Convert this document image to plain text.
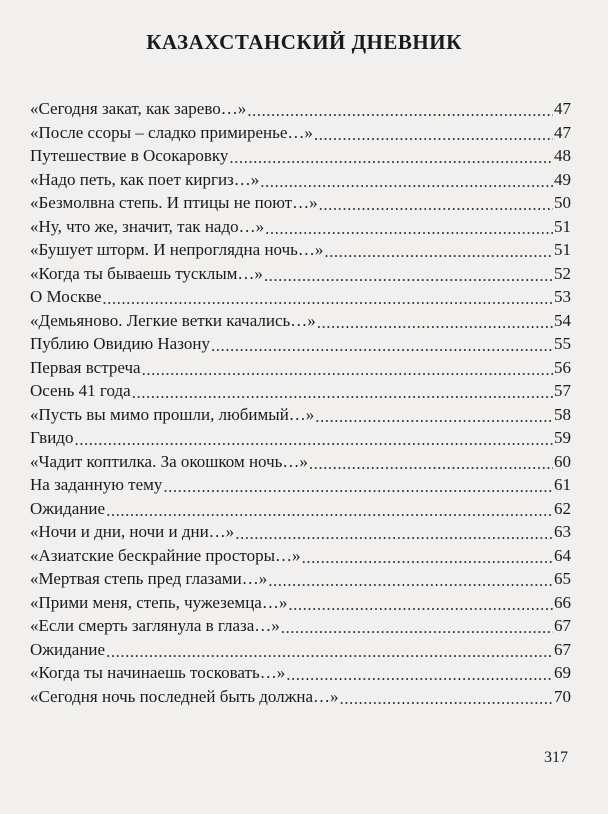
КАЗАХСТАНСКИЙ ДНЕВНИК
«Сегодня закат, как зарево…» .....	47
«После ссоры – сладко примиренье…» .....	47
Путешествие в Осокаровку .....	48
«Надо петь, как поет киргиз…» .....	49
«Безмолвна степь. И птицы не поют…» .....	50
«Ну, что же, значит, так надо…» .....	51
«Бушует шторм. И непроглядна ночь…» .....	51
«Когда ты бываешь тусклым…» .....	52
О Москве .....	53
«Демьяново. Легкие ветки качались…» .....	54
Публию Овидию Назону .....	55
Первая встреча .....	56
Осень 41 года .....	57
«Пусть вы мимо прошли, любимый…» .....	58
Гвидо .....	59
«Чадит коптилка. За окошком ночь…» .....	60
На заданную тему .....	61
Ожидание .....	62
«Ночи и дни, ночи и дни…» .....	63
«Азиатские бескрайние просторы…» .....	64
«Мертвая степь пред глазами…» .....	65
«Прими меня, степь, чужеземца…» .....	66
«Если смерть заглянула в глаза…» .....	67
Ожидание .....	67
«Когда ты начинаешь тосковать…» .....	69
«Сегодня ночь последней быть должна…» .....	70
317
